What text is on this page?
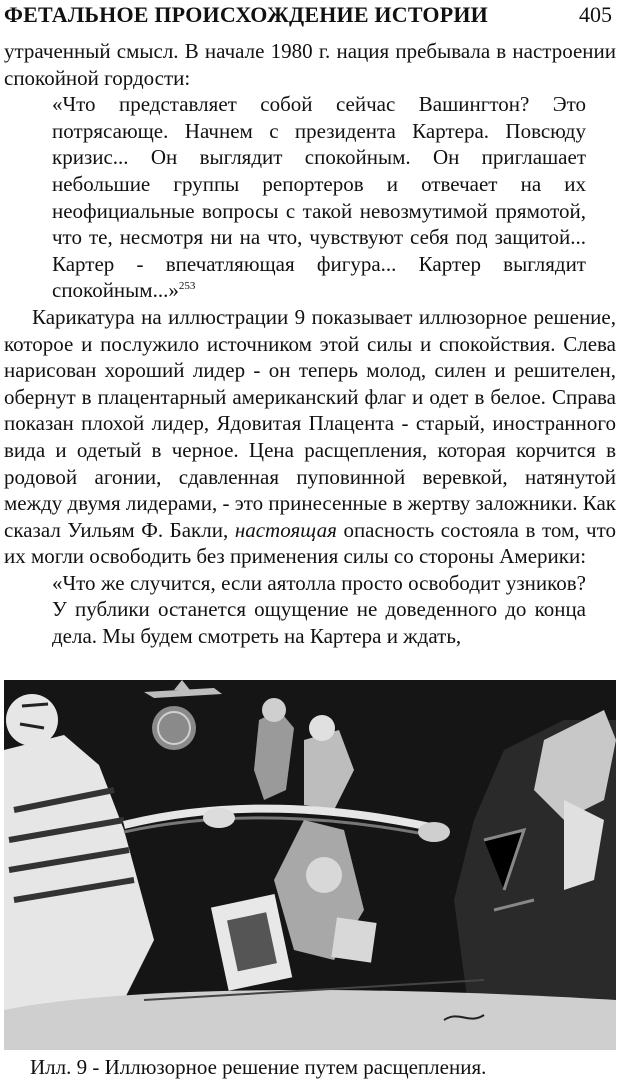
ФЕТАЛЬНОЕ ПРОИСХОЖДЕНИЕ ИСТОРИИ	405

утраченный смысл. В начале 1980 г. нация пребывала в настроении спокойной гордости:

«Что представляет собой сейчас Вашингтон? Это потрясающе. Начнем с президента Картера. Повсюду кризис... Он выглядит спокойным. Он приглашает небольшие группы репортеров и отвечает на их неофициальные вопросы с такой невозмутимой прямотой, что те, несмотря ни на что, чувствуют себя под защитой... Картер - впечатляющая фигура... Картер выглядит спокойным...»$^{253}$

Карикатура на иллюстрации 9 показывает иллюзорное решение, которое и послужило источником этой силы и спокойствия. Слева нарисован хороший лидер - он теперь молод, силен и решителен, обернут в плацентарный американский флаг и одет в белое. Справа показан плохой лидер, Ядовитая Плацента - старый, иностранного вида и одетый в черное. Цена расщепления, которая корчится в родовой агонии, сдавленная пуповинной веревкой, натянутой между двумя лидерами, - это принесенные в жертву заложники. Как сказал Уильям Ф. Бакли, настоящая опасность состояла в том, что их могли освободить без применения силы со стороны Америки:

«Что же случится, если аятолла просто освободит узников? У публики останется ощущение не доведенного до конца дела. Мы будем смотреть на Картера и ждать,

Илл. 9 - Иллюзорное решение путем расщепления.
